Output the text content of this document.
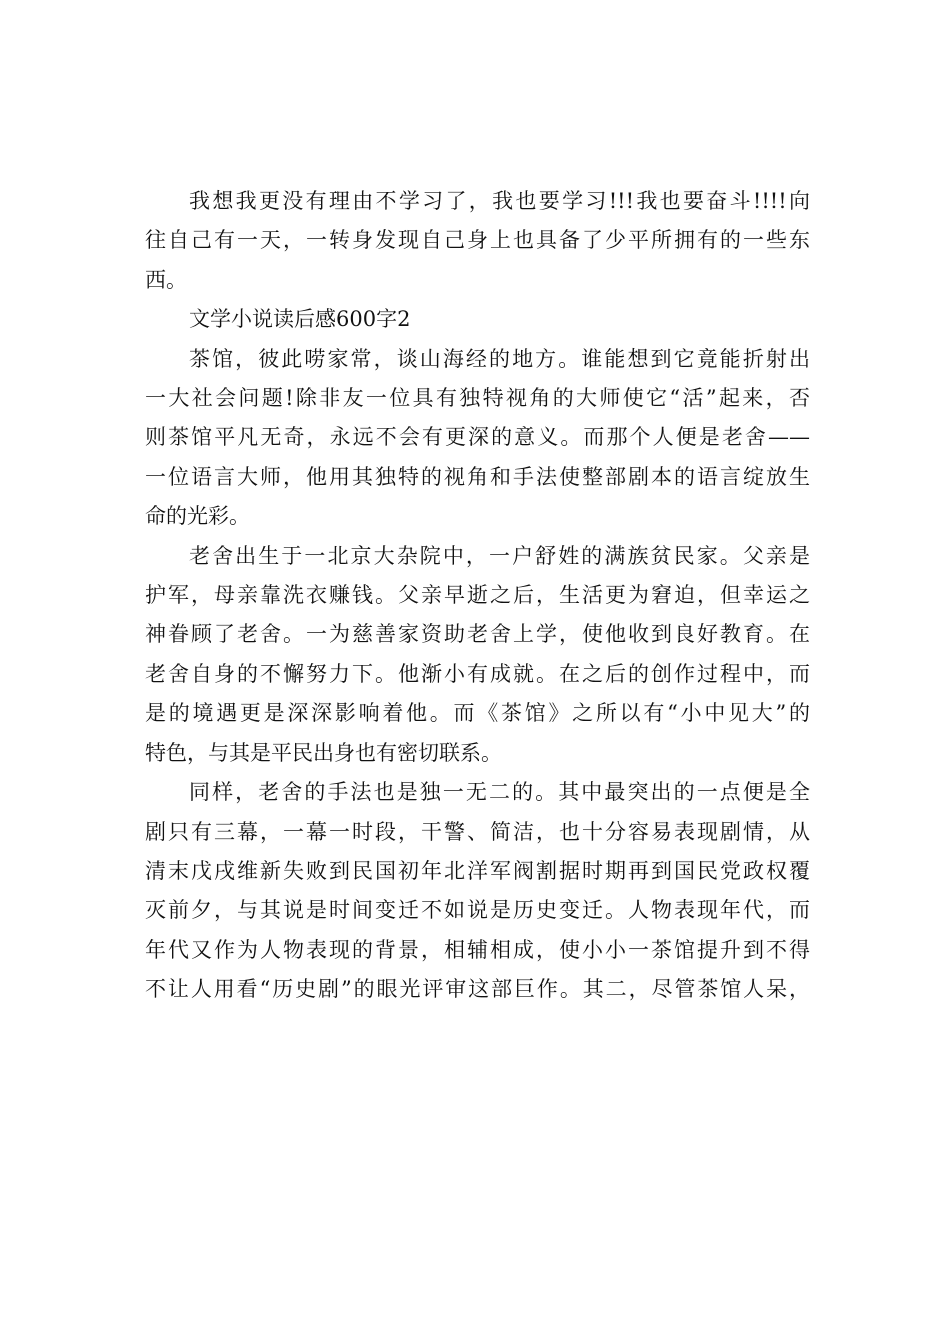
我想我更没有理由不学习了，我也要学习!!!我也要奋斗!!!!向
往自己有一天，一转身发现自己身上也具备了少平所拥有的一些东
西。
文学小说读后感600字2
茶馆，彼此唠家常，谈山海经的地方。谁能想到它竟能折射出
一大社会问题!除非友一位具有独特视角的大师使它“活”起来，否
则茶馆平凡无奇，永远不会有更深的意义。而那个人便是老舍——
一位语言大师，他用其独特的视角和手法使整部剧本的语言绽放生
命的光彩。
老舍出生于一北京大杂院中，一户舒姓的满族贫民家。父亲是
护军，母亲靠洗衣赚钱。父亲早逝之后，生活更为窘迫，但幸运之
神眷顾了老舍。一为慈善家资助老舍上学，使他收到良好教育。在
老舍自身的不懈努力下。他渐小有成就。在之后的创作过程中，而
是的境遇更是深深影响着他。而《茶馆》之所以有“小中见大”的
特色，与其是平民出身也有密切联系。
同样，老舍的手法也是独一无二的。其中最突出的一点便是全
剧只有三幕，一幕一时段，干警、简洁，也十分容易表现剧情，从
清末戊戌维新失败到民国初年北洋军阀割据时期再到国民党政权覆
灭前夕，与其说是时间变迁不如说是历史变迁。人物表现年代，而
年代又作为人物表现的背景，相辅相成，使小小一茶馆提升到不得
不让人用看“历史剧”的眼光评审这部巨作。其二，尽管茶馆人呆，
